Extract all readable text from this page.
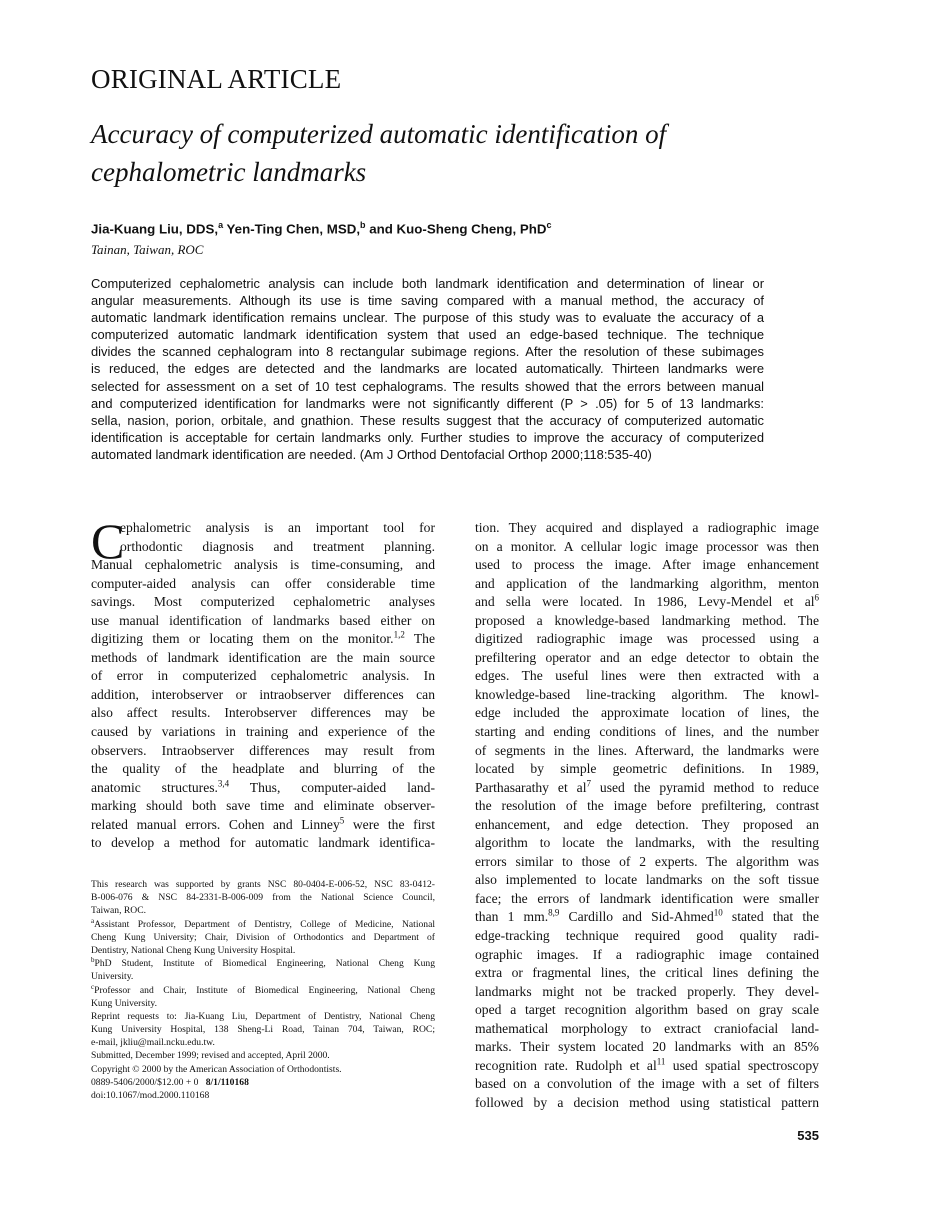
ORIGINAL ARTICLE
Accuracy of computerized automatic identification of
cephalometric landmarks
Jia-Kuang Liu, DDS,$^a$ Yen-Ting Chen, MSD,$^b$ and Kuo-Sheng Cheng, PhD$^c$
Tainan, Taiwan, ROC
Computerized cephalometric analysis can include both landmark identification and determination of linear or
angular measurements. Although its use is time saving compared with a manual method, the accuracy of
automatic landmark identification remains unclear. The purpose of this study was to evaluate the accuracy of a
computerized automatic landmark identification system that used an edge-based technique. The technique
divides the scanned cephalogram into 8 rectangular subimage regions. After the resolution of these subimages
is reduced, the edges are detected and the landmarks are located automatically. Thirteen landmarks were
selected for assessment on a set of 10 test cephalograms. The results showed that the errors between manual
and computerized identification for landmarks were not significantly different (P > .05) for 5 of 13 landmarks:
sella, nasion, porion, orbitale, and gnathion. These results suggest that the accuracy of computerized automatic
identification is acceptable for certain landmarks only. Further studies to improve the accuracy of computerized
automated landmark identification are needed. (Am J Orthod Dentofacial Orthop 2000;118:535-40)
C
ephalometric analysis is an important tool for
orthodontic diagnosis and treatment planning.
Manual cephalometric analysis is time-consuming, and
computer-aided analysis can offer considerable time
savings. Most computerized cephalometric analyses
use manual identification of landmarks based either on
digitizing them or locating them on the monitor.$^{1,2}$ The
methods of landmark identification are the main source
of error in computerized cephalometric analysis. In
addition, interobserver or intraobserver differences can
also affect results. Interobserver differences may be
caused by variations in training and experience of the
observers. Intraobserver differences may result from
the quality of the headplate and blurring of the
anatomic structures.$^{3,4}$ Thus, computer-aided land-
marking should both save time and eliminate observer-
related manual errors. Cohen and Linney$^5$ were the first
to develop a method for automatic landmark identifica-
This research was supported by grants NSC 80-0404-E-006-52, NSC 83-0412-
B-006-076 & NSC 84-2331-B-006-009 from the National Science Council,
Taiwan, ROC.
$^a$Assistant Professor, Department of Dentistry, College of Medicine, National
Cheng Kung University; Chair, Division of Orthodontics and Department of
Dentistry, National Cheng Kung University Hospital.
$^b$PhD Student, Institute of Biomedical Engineering, National Cheng Kung
University.
$^c$Professor and Chair, Institute of Biomedical Engineering, National Cheng
Kung University.
Reprint requests to: Jia-Kuang Liu, Department of Dentistry, National Cheng
Kung University Hospital, 138 Sheng-Li Road, Tainan 704, Taiwan, ROC;
e-mail, jkliu@mail.ncku.edu.tw.
Submitted, December 1999; revised and accepted, April 2000.
Copyright © 2000 by the American Association of Orthodontists.
0889-5406/2000/$12.00 + 0 8/1/110168
doi:10.1067/mod.2000.110168
tion. They acquired and displayed a radiographic image
on a monitor. A cellular logic image processor was then
used to process the image. After image enhancement
and application of the landmarking algorithm, menton
and sella were located. In 1986, Levy-Mendel et $al^6$
proposed a knowledge-based landmarking method. The
digitized radiographic image was processed using a
prefiltering operator and an edge detector to obtain the
edges. The useful lines were then extracted with a
knowledge-based line-tracking algorithm. The knowl-
edge included the approximate location of lines, the
starting and ending conditions of lines, and the number
of segments in the lines. Afterward, the landmarks were
located by simple geometric definitions. In 1989,
Parthasarathy et $al^7$ used the pyramid method to reduce
the resolution of the image before prefiltering, contrast
enhancement, and edge detection. They proposed an
algorithm to locate the landmarks, with the resulting
errors similar to those of 2 experts. The algorithm was
also implemented to locate landmarks on the soft tissue
face; the errors of landmark identification were smaller
than 1 mm.$^{8,9}$ Cardillo and Sid-Ahmed$^{10}$ stated that the
edge-tracking technique required good quality radi-
ographic images. If a radiographic image contained
extra or fragmental lines, the critical lines defining the
landmarks might not be tracked properly. They devel-
oped a target recognition algorithm based on gray scale
mathematical morphology to extract craniofacial land-
marks. Their system located 20 landmarks with an 85%
recognition rate. Rudolph et $al^{11}$ used spatial spectroscopy
based on a convolution of the image with a set of filters
followed by a decision method using statistical pattern
535
